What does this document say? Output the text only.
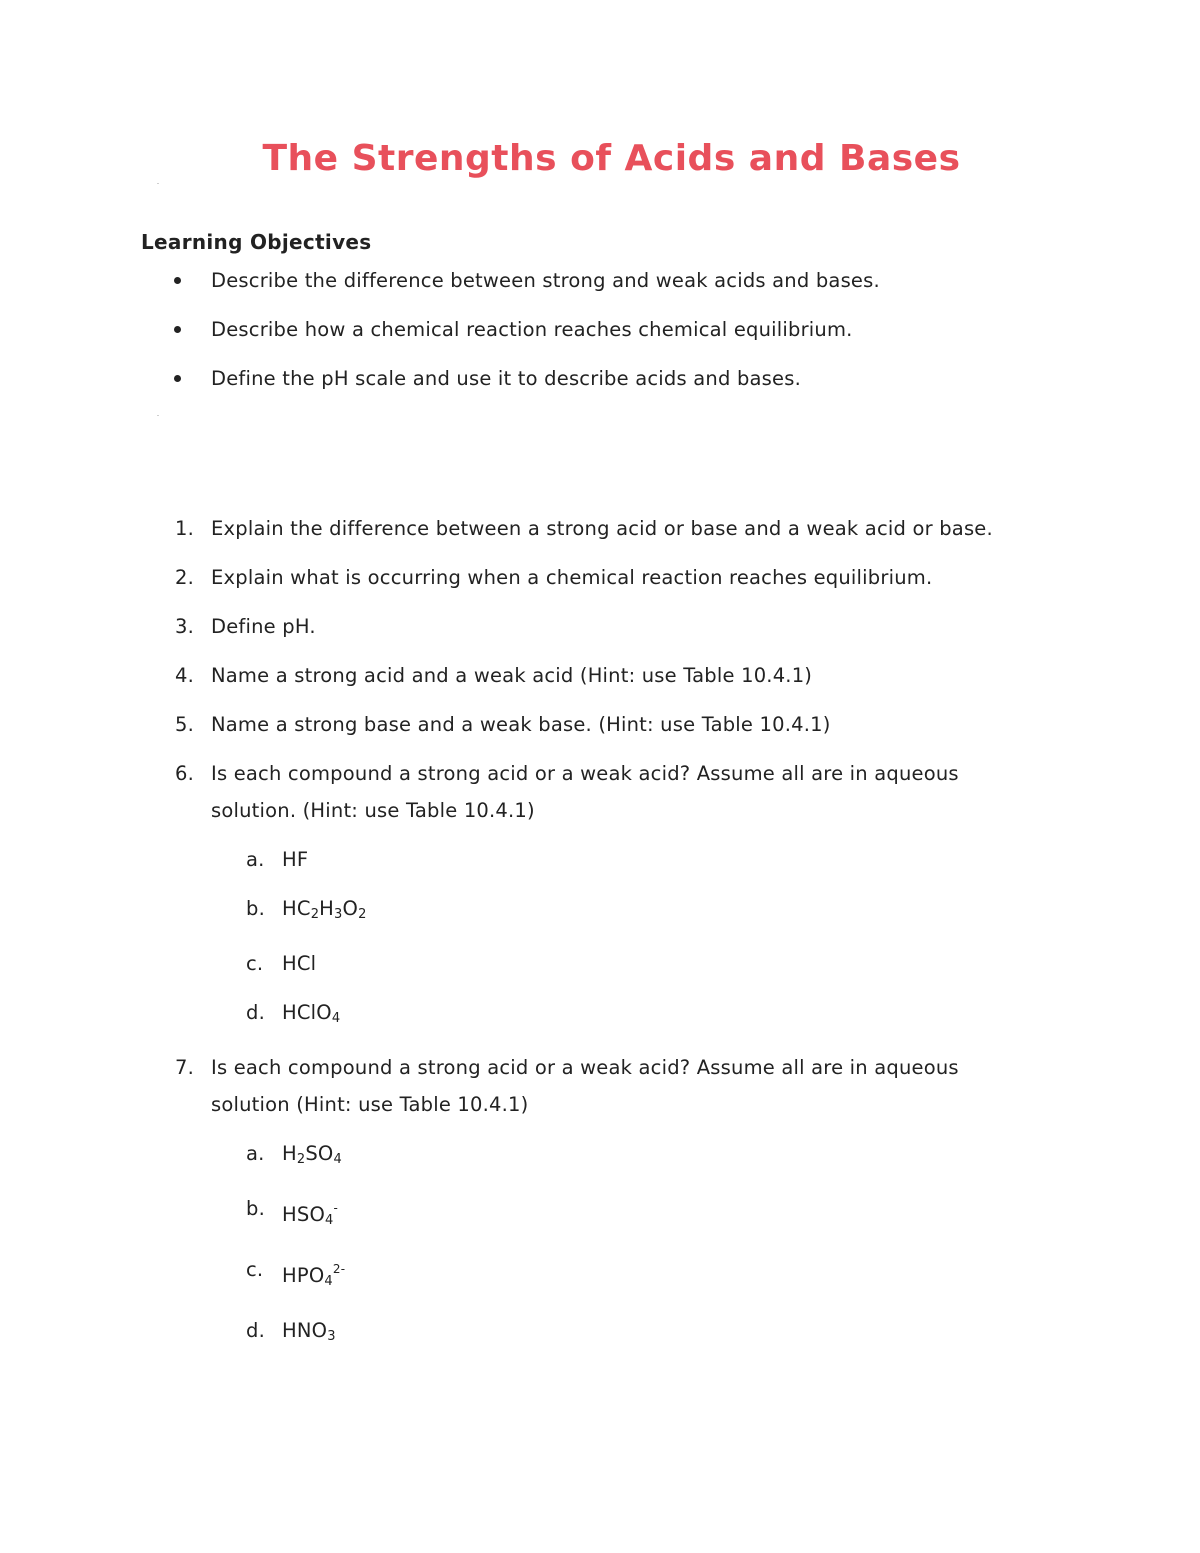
The Strengths of Acids and Bases
Learning Objectives
Describe the difference between strong and weak acids and bases.
Describe how a chemical reaction reaches chemical equilibrium.
Define the pH scale and use it to describe acids and bases.
1. Explain the difference between a strong acid or base and a weak acid or base.
2. Explain what is occurring when a chemical reaction reaches equilibrium.
3. Define pH.
4. Name a strong acid and a weak acid (Hint: use Table 10.4.1)
5. Name a strong base and a weak base. (Hint: use Table 10.4.1)
6. Is each compound a strong acid or a weak acid? Assume all are in aqueous solution. (Hint: use Table 10.4.1)
a. HF
b. $HC_2H_3O_2$
c. HCl
d. HClO$_4$
7. Is each compound a strong acid or a weak acid? Assume all are in aqueous solution (Hint: use Table 10.4.1)
a. $H_2SO_4$
b. $HSO_4^-$
c. $HPO_4^{2-}$
d. $HNO_3$
